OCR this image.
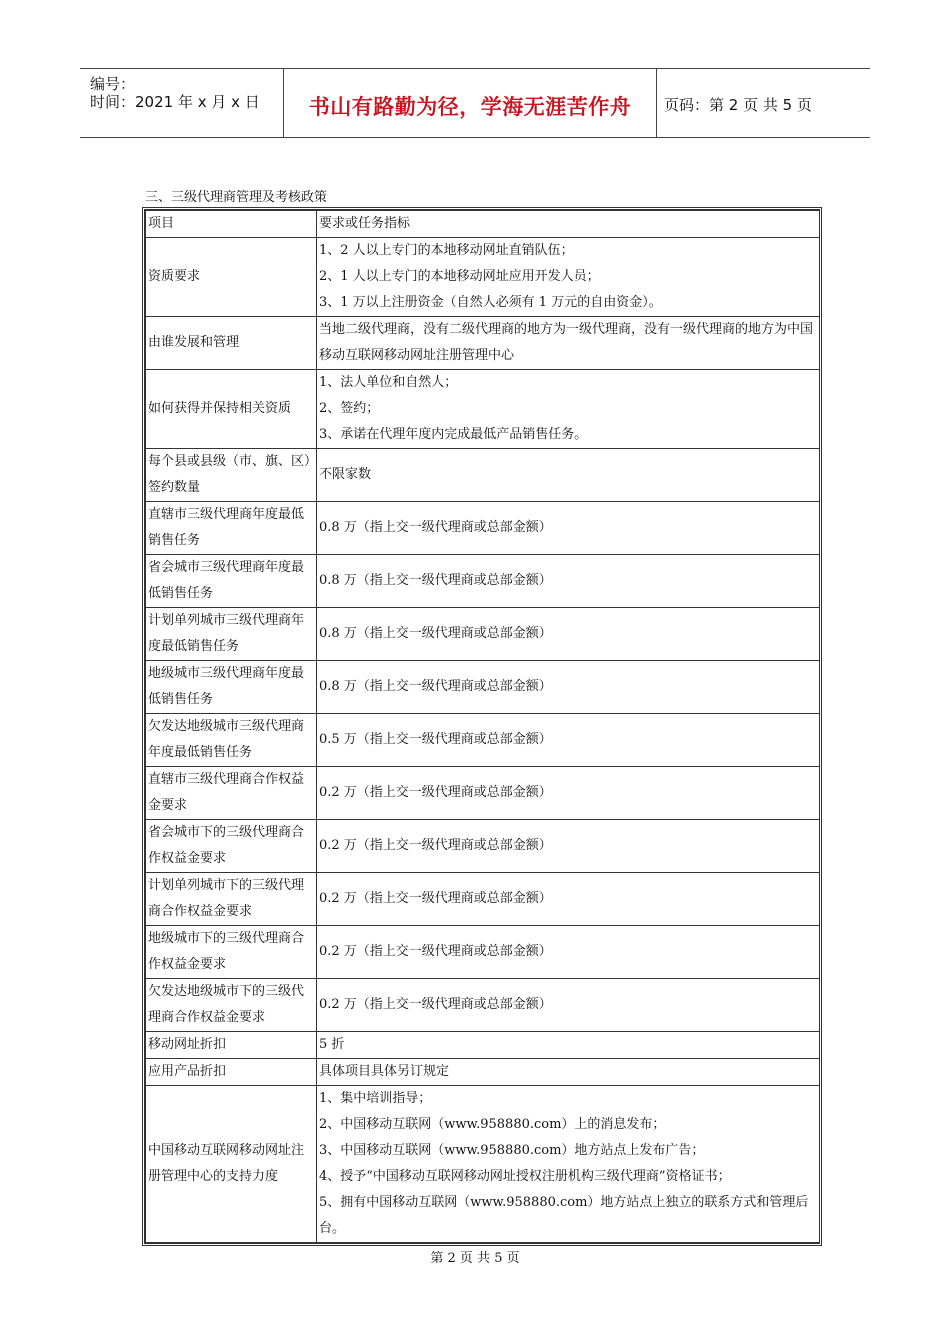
编号：
时间：2021 年 x 月 x 日	书山有路勤为径，学海无涯苦作舟	页码：第 2 页 共 5 页
三、三级代理商管理及考核政策
项目	要求或任务指标
资质要求	1、2 人以上专门的本地移动网址直销队伍；
2、1 人以上专门的本地移动网址应用开发人员；
3、1 万以上注册资金（自然人必须有 1 万元的自由资金）。

由谁发展和管理	当地二级代理商，没有二级代理商的地方为一级代理商，没有一级代理商的地方为中国移动互联网移动网址注册管理中心
如何获得并保持相关资质	1、法人单位和自然人；
2、签约；
3、承诺在代理年度内完成最低产品销售任务。

每个县或县级（市、旗、区）签约数量	不限家数
直辖市三级代理商年度最低销售任务	0.8 万（指上交一级代理商或总部金额）
省会城市三级代理商年度最低销售任务	0.8 万（指上交一级代理商或总部金额）
计划单列城市三级代理商年度最低销售任务	0.8 万（指上交一级代理商或总部金额）
地级城市三级代理商年度最低销售任务	0.8 万（指上交一级代理商或总部金额）
欠发达地级城市三级代理商年度最低销售任务	0.5 万（指上交一级代理商或总部金额）
直辖市三级代理商合作权益金要求	0.2 万（指上交一级代理商或总部金额）
省会城市下的三级代理商合作权益金要求	0.2 万（指上交一级代理商或总部金额）
计划单列城市下的三级代理商合作权益金要求	0.2 万（指上交一级代理商或总部金额）
地级城市下的三级代理商合作权益金要求	0.2 万（指上交一级代理商或总部金额）
欠发达地级城市下的三级代理商合作权益金要求	0.2 万（指上交一级代理商或总部金额）
移动网址折扣	5 折
应用产品折扣	具体项目具体另订规定
中国移动互联网移动网址注册管理中心的支持力度	1、集中培训指导；
2、中国移动互联网（www.958880.com）上的消息发布；
3、中国移动互联网（www.958880.com）地方站点上发布广告；
4、授予“中国移动互联网移动网址授权注册机构三级代理商”资格证书；
5、拥有中国移动互联网（www.958880.com）地方站点上独立的联系方式和管理后台。
第 2 页 共 5 页
